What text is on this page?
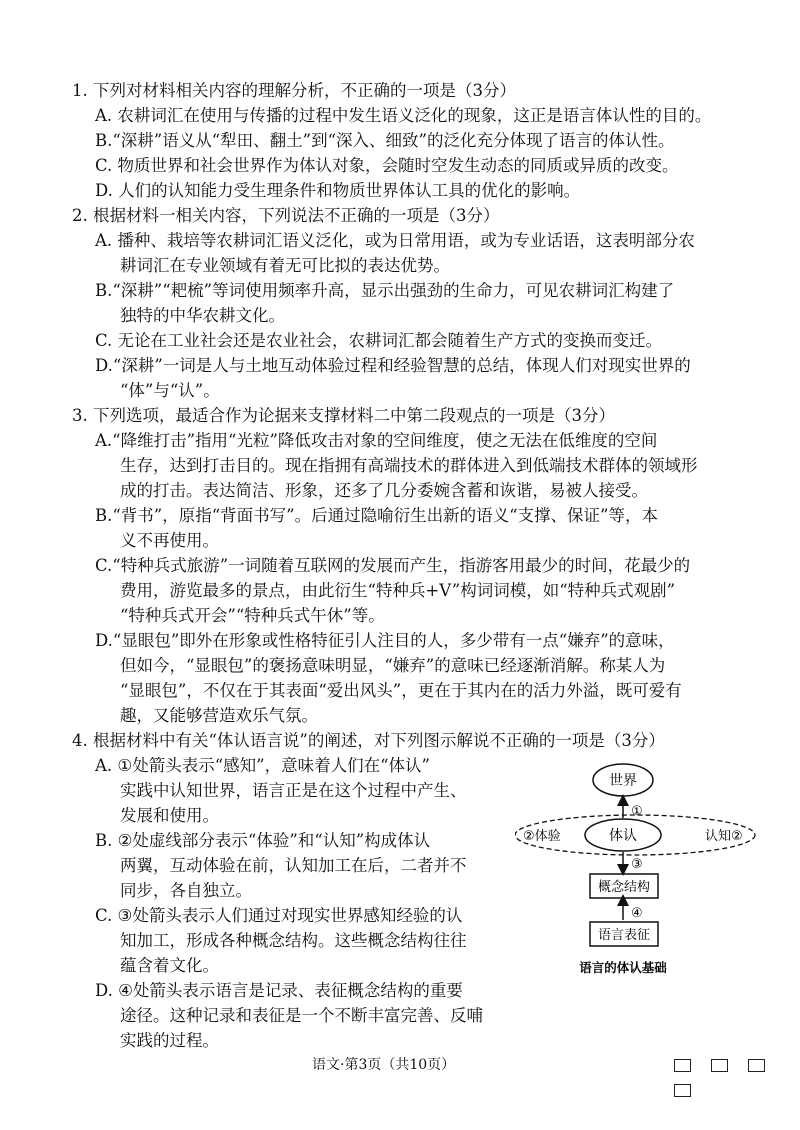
1. 下列对材料相关内容的理解分析，不正确的一项是（3分）
A. 农耕词汇在使用与传播的过程中发生语义泛化的现象，这正是语言体认性的目的。
B.“深耕”语义从“犁田、翻土”到“深入、细致”的泛化充分体现了语言的体认性。
C. 物质世界和社会世界作为体认对象，会随时空发生动态的同质或异质的改变。
D. 人们的认知能力受生理条件和物质世界体认工具的优化的影响。
2. 根据材料一相关内容，下列说法不正确的一项是（3分）
A. 播种、栽培等农耕词汇语义泛化，或为日常用语，或为专业话语，这表明部分农
耕词汇在专业领域有着无可比拟的表达优势。
B.“深耕”“耙梳”等词使用频率升高，显示出强劲的生命力，可见农耕词汇构建了
独特的中华农耕文化。
C. 无论在工业社会还是农业社会，农耕词汇都会随着生产方式的变换而变迁。
D.“深耕”一词是人与土地互动体验过程和经验智慧的总结，体现人们对现实世界的
“体”与“认”。
3. 下列选项，最适合作为论据来支撑材料二中第二段观点的一项是（3分）
A.“降维打击”指用“光粒”降低攻击对象的空间维度，使之无法在低维度的空间
生存，达到打击目的。现在指拥有高端技术的群体进入到低端技术群体的领域形
成的打击。表达简洁、形象，还多了几分委婉含蓄和诙谐，易被人接受。
B.“背书”，原指“背面书写”。后通过隐喻衍生出新的语义“支撑、保证”等，本
义不再使用。
C.“特种兵式旅游”一词随着互联网的发展而产生，指游客用最少的时间，花最少的
费用，游览最多的景点，由此衍生“特种兵+V”构词词模，如“特种兵式观剧”
“特种兵式开会”“特种兵式午休”等。
D.“显眼包”即外在形象或性格特征引人注目的人，多少带有一点“嫌弃”的意味，
但如今，“显眼包”的褒扬意味明显，“嫌弃”的意味已经逐渐消解。称某人为
“显眼包”，不仅在于其表面“爱出风头”，更在于其内在的活力外溢，既可爱有
趣，又能够营造欢乐气氛。
4. 根据材料中有关“体认语言说”的阐述，对下列图示解说不正确的一项是（3分）
A. ①处箭头表示“感知”，意味着人们在“体认”
实践中认知世界，语言正是在这个过程中产生、
发展和使用。
B. ②处虚线部分表示“体验”和“认知”构成体认
两翼，互动体验在前，认知加工在后，二者并不
同步，各自独立。
C. ③处箭头表示人们通过对现实世界感知经验的认
知加工，形成各种概念结构。这些概念结构往往
蕴含着文化。
D. ④处箭头表示语言是记录、表征概念结构的重要
途径。这种记录和表征是一个不断丰富完善、反哺
实践的过程。
世界
①
体认
②体验	认知②
③
概念结构
④
语言表征
语言的体认基础
语文·第3页（共10页）
